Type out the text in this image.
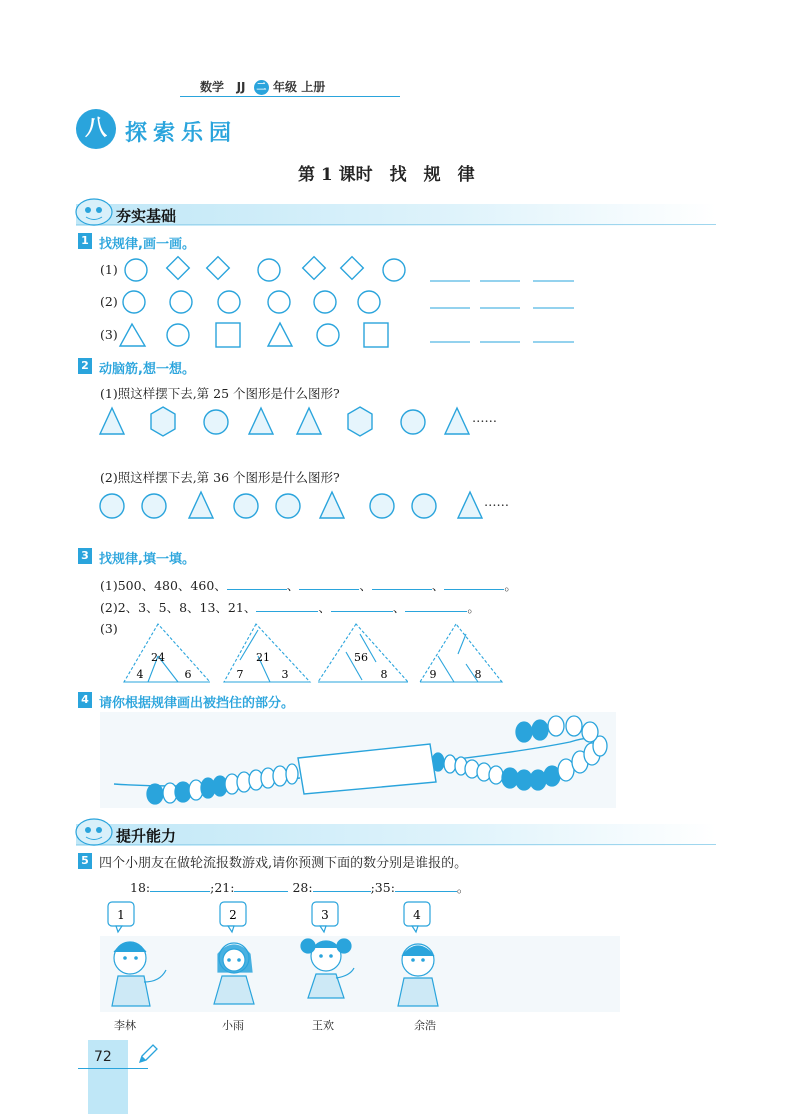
数学 JJ 二 年级 上册
八 探索乐园
第 1 课时　找　规　律
夯实基础
1 找规律,画一画。
(1)
(2)
(3)
2 动脑筋,想一想。
(1)照这样摆下去,第 25 个图形是什么图形?
……
(2)照这样摆下去,第 36 个图形是什么图形?
……
3 找规律,填一填。
(1)500、480、460、	、	、	、	。
(2)2、3、5、8、13、21、	、	、	。
(3)
24
4	6
21
7	3
56
8	9	8
4 请你根据规律画出被挡住的部分。
提升能力
5 四个小朋友在做轮流报数游戏,请你预测下面的数分别是谁报的。
18:	;21:	28:	;35:	。
1	2	3	4
李林	小雨	王欢	余浩
72
